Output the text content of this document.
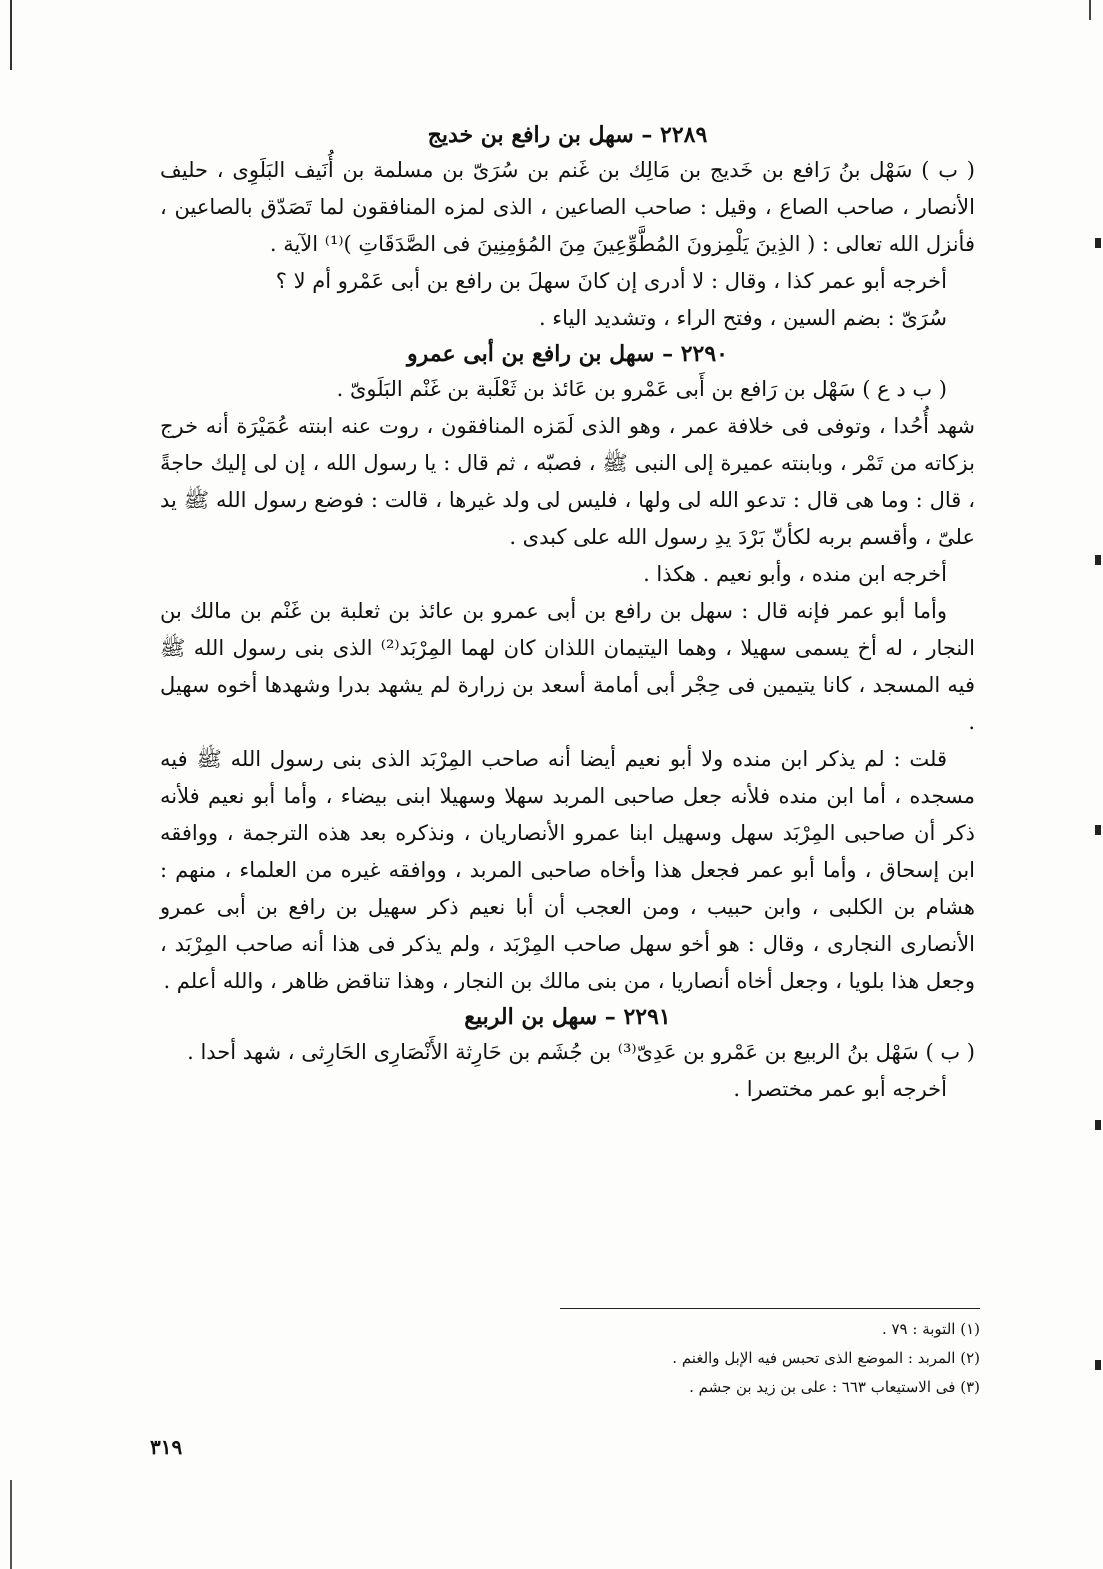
٢٢٨٩ – سهل بن رافع بن خديج

( ب ) سَهْل بنُ رَافع بن خَديج بن مَالِك بن غَنم بن سُرَىّ بن مسلمة بن أُنَيف البَلَوِى ، حليف الأنصار ، صاحب الصاع ، وقيل : صاحب الصاعين ، الذى لمزه المنافقون لما تَصَدّق بالصاعين ، فأنزل الله تعالى : ( الذِينَ يَلْمِزونَ المُطَّوِّعِينَ مِنَ المُؤمِنِينَ فى الصَّدَقَاتِ )⁽¹⁾ الآية .

أخرجه أبو عمر كذا ، وقال : لا أدرى إن كانَ سهلَ بن رافع بن أبى عَمْرو أم لا ؟

سُرَىّ : بضم السين ، وفتح الراء ، وتشديد الياء .

٢٢٩٠ – سهل بن رافع بن أبى عمرو

( ب د ع ) سَهْل بن رَافع بن أَبى عَمْرو بن عَائذ بن ثَعْلَبة بن غَنْم البَلَوىّ .

شهد أُحُدا ، وتوفى فى خلافة عمر ، وهو الذى لَمَزه المنافقون ، روت عنه ابنته عُمَيْرَة أنه خرج بزكاته من تَمْر ، وبابنته عميرة إلى النبى ﷺ ، فصبّه ، ثم قال : يا رسول الله ، إن لى إليك حاجةً ، قال : وما هى قال : تدعو الله لى ولها ، فليس لى ولد غيرها ، قالت : فوضع رسول الله ﷺ يد علىّ ، وأقسم بربه لكأنّ بَرْدَ يدِ رسول الله على كبدى .

أخرجه ابن منده ، وأبو نعيم . هكذا .

وأما أبو عمر فإنه قال : سهل بن رافع بن أبى عمرو بن عائذ بن ثعلبة بن غَنْم بن مالك بن النجار ، له أخ يسمى سهيلا ، وهما اليتيمان اللذان كان لهما المِرْبَد⁽²⁾ الذى بنى رسول الله ﷺ فيه المسجد ، كانا يتيمين فى حِجْر أبى أمامة أسعد بن زرارة لم يشهد بدرا وشهدها أخوه سهيل .

قلت : لم يذكر ابن منده ولا أبو نعيم أيضا أنه صاحب المِرْبَد الذى بنى رسول الله ﷺ فيه مسجده ، أما ابن منده فلأنه جعل صاحبى المربد سهلا وسهيلا ابنى بيضاء ، وأما أبو نعيم فلأنه ذكر أن صاحبى المِرْبَد سهل وسهيل ابنا عمرو الأنصاريان ، ونذكره بعد هذه الترجمة ، ووافقه ابن إسحاق ، وأما أبو عمر فجعل هذا وأخاه صاحبى المربد ، ووافقه غيره من العلماء ، منهم : هشام بن الكلبى ، وابن حبيب ، ومن العجب أن أبا نعيم ذكر سهيل بن رافع بن أبى عمرو الأنصارى النجارى ، وقال : هو أخو سهل صاحب المِرْبَد ، ولم يذكر فى هذا أنه صاحب المِرْبَد ، وجعل هذا بلويا ، وجعل أخاه أنصاريا ، من بنى مالك بن النجار ، وهذا تناقض ظاهر ، والله أعلم .

٢٢٩١ – سهل بن الربيع

( ب ) سَهْل بنُ الربيع بن عَمْرو بن عَدِىّ⁽³⁾ بن جُشَم بن حَارِثة الأَنْصَارِى الحَارِثى ، شهد أحدا .

أخرجه أبو عمر مختصرا .

(١) التوبة : ٧٩ .
(٢) المربد : الموضع الذى تحبس فيه الإبل والغنم .
(٣) فى الاستيعاب ٦٦٣ : على بن زيد بن جشم .
٣١٩
